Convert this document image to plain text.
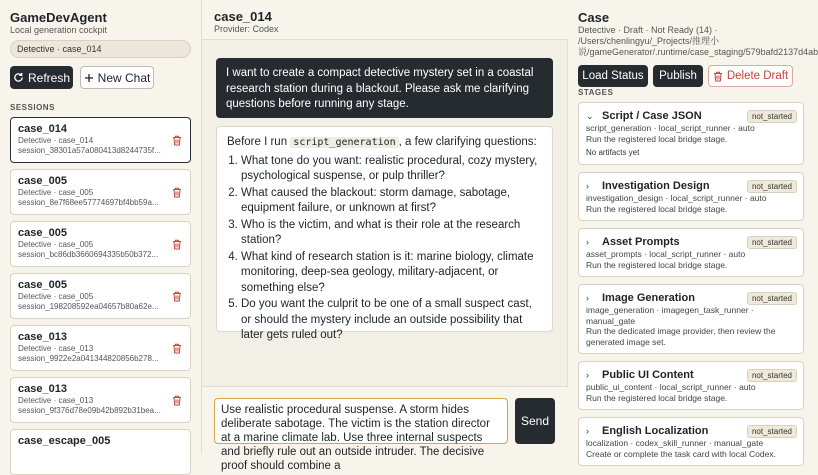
GameDevAgent
Local generation cockpit
Detective · case_014
Refresh New Chat
SESSIONS
case_014
Detective · case_014
session_38301a57a080413d8244735f...
case_005
Detective · case_005
session_8e7f68ee57774697bf4bb59a...
case_005
Detective · case_005
session_bc86db3660694335b50b372...
case_005
Detective · case_005
session_198208592ea04657b80a62e...
case_013
Detective · case_013
session_9922e2a041344820856b278...
case_013
Detective · case_013
session_9f376d78e09b42b892b31bea...
case_escape_005
case_014
Provider: Codex
I want to create a compact detective mystery set in a coastal research station during a blackout. Please ask me clarifying questions before running any stage.
Before I run script_generation , a few clarifying questions:
1. What tone do you want: realistic procedural, cozy mystery, psychological suspense, or pulp thriller?
2. What caused the blackout: storm damage, sabotage, equipment failure, or unknown at first?
3. Who is the victim, and what is their role at the research station?
4. What kind of research station is it: marine biology, climate monitoring, deep-sea geology, military-adjacent, or something else?
5. Do you want the culprit to be one of a small suspect cast, or should the mystery include an outside possibility that later gets ruled out?
Use realistic procedural suspense. A storm hides deliberate sabotage. The victim is the station director at a marine climate lab. Use three internal suspects and briefly rule out an outside intruder. The decisive proof should combine a
Send
Case
Detective · Draft · Not Ready (14) ·
/Users/chenlingyu/_Projects/推理小
说/gameGenerator/.runtime/case_staging/579bafd2137d4ab
Load Status	Publish	Delete Draft
STAGES
⌄ Script / Case JSON	not_started
script_generation · local_script_runner · auto
Run the registered local bridge stage.
No artifacts yet
›	Investigation Design	not_started
investigation_design · local_script_runner · auto
Run the registered local bridge stage.
›	Asset Prompts	not_started
asset_prompts · local_script_runner · auto
Run the registered local bridge stage.
›	Image Generation	not_started
image_generation · imagegen_task_runner ·
manual_gate
Run the dedicated image provider, then review the generated image set.
›	Public UI Content	not_started
public_ui_content · local_script_runner · auto
Run the registered local bridge stage.
›	English Localization	not_started
localization · codex_skill_runner · manual_gate
Create or complete the task card with local Codex.
